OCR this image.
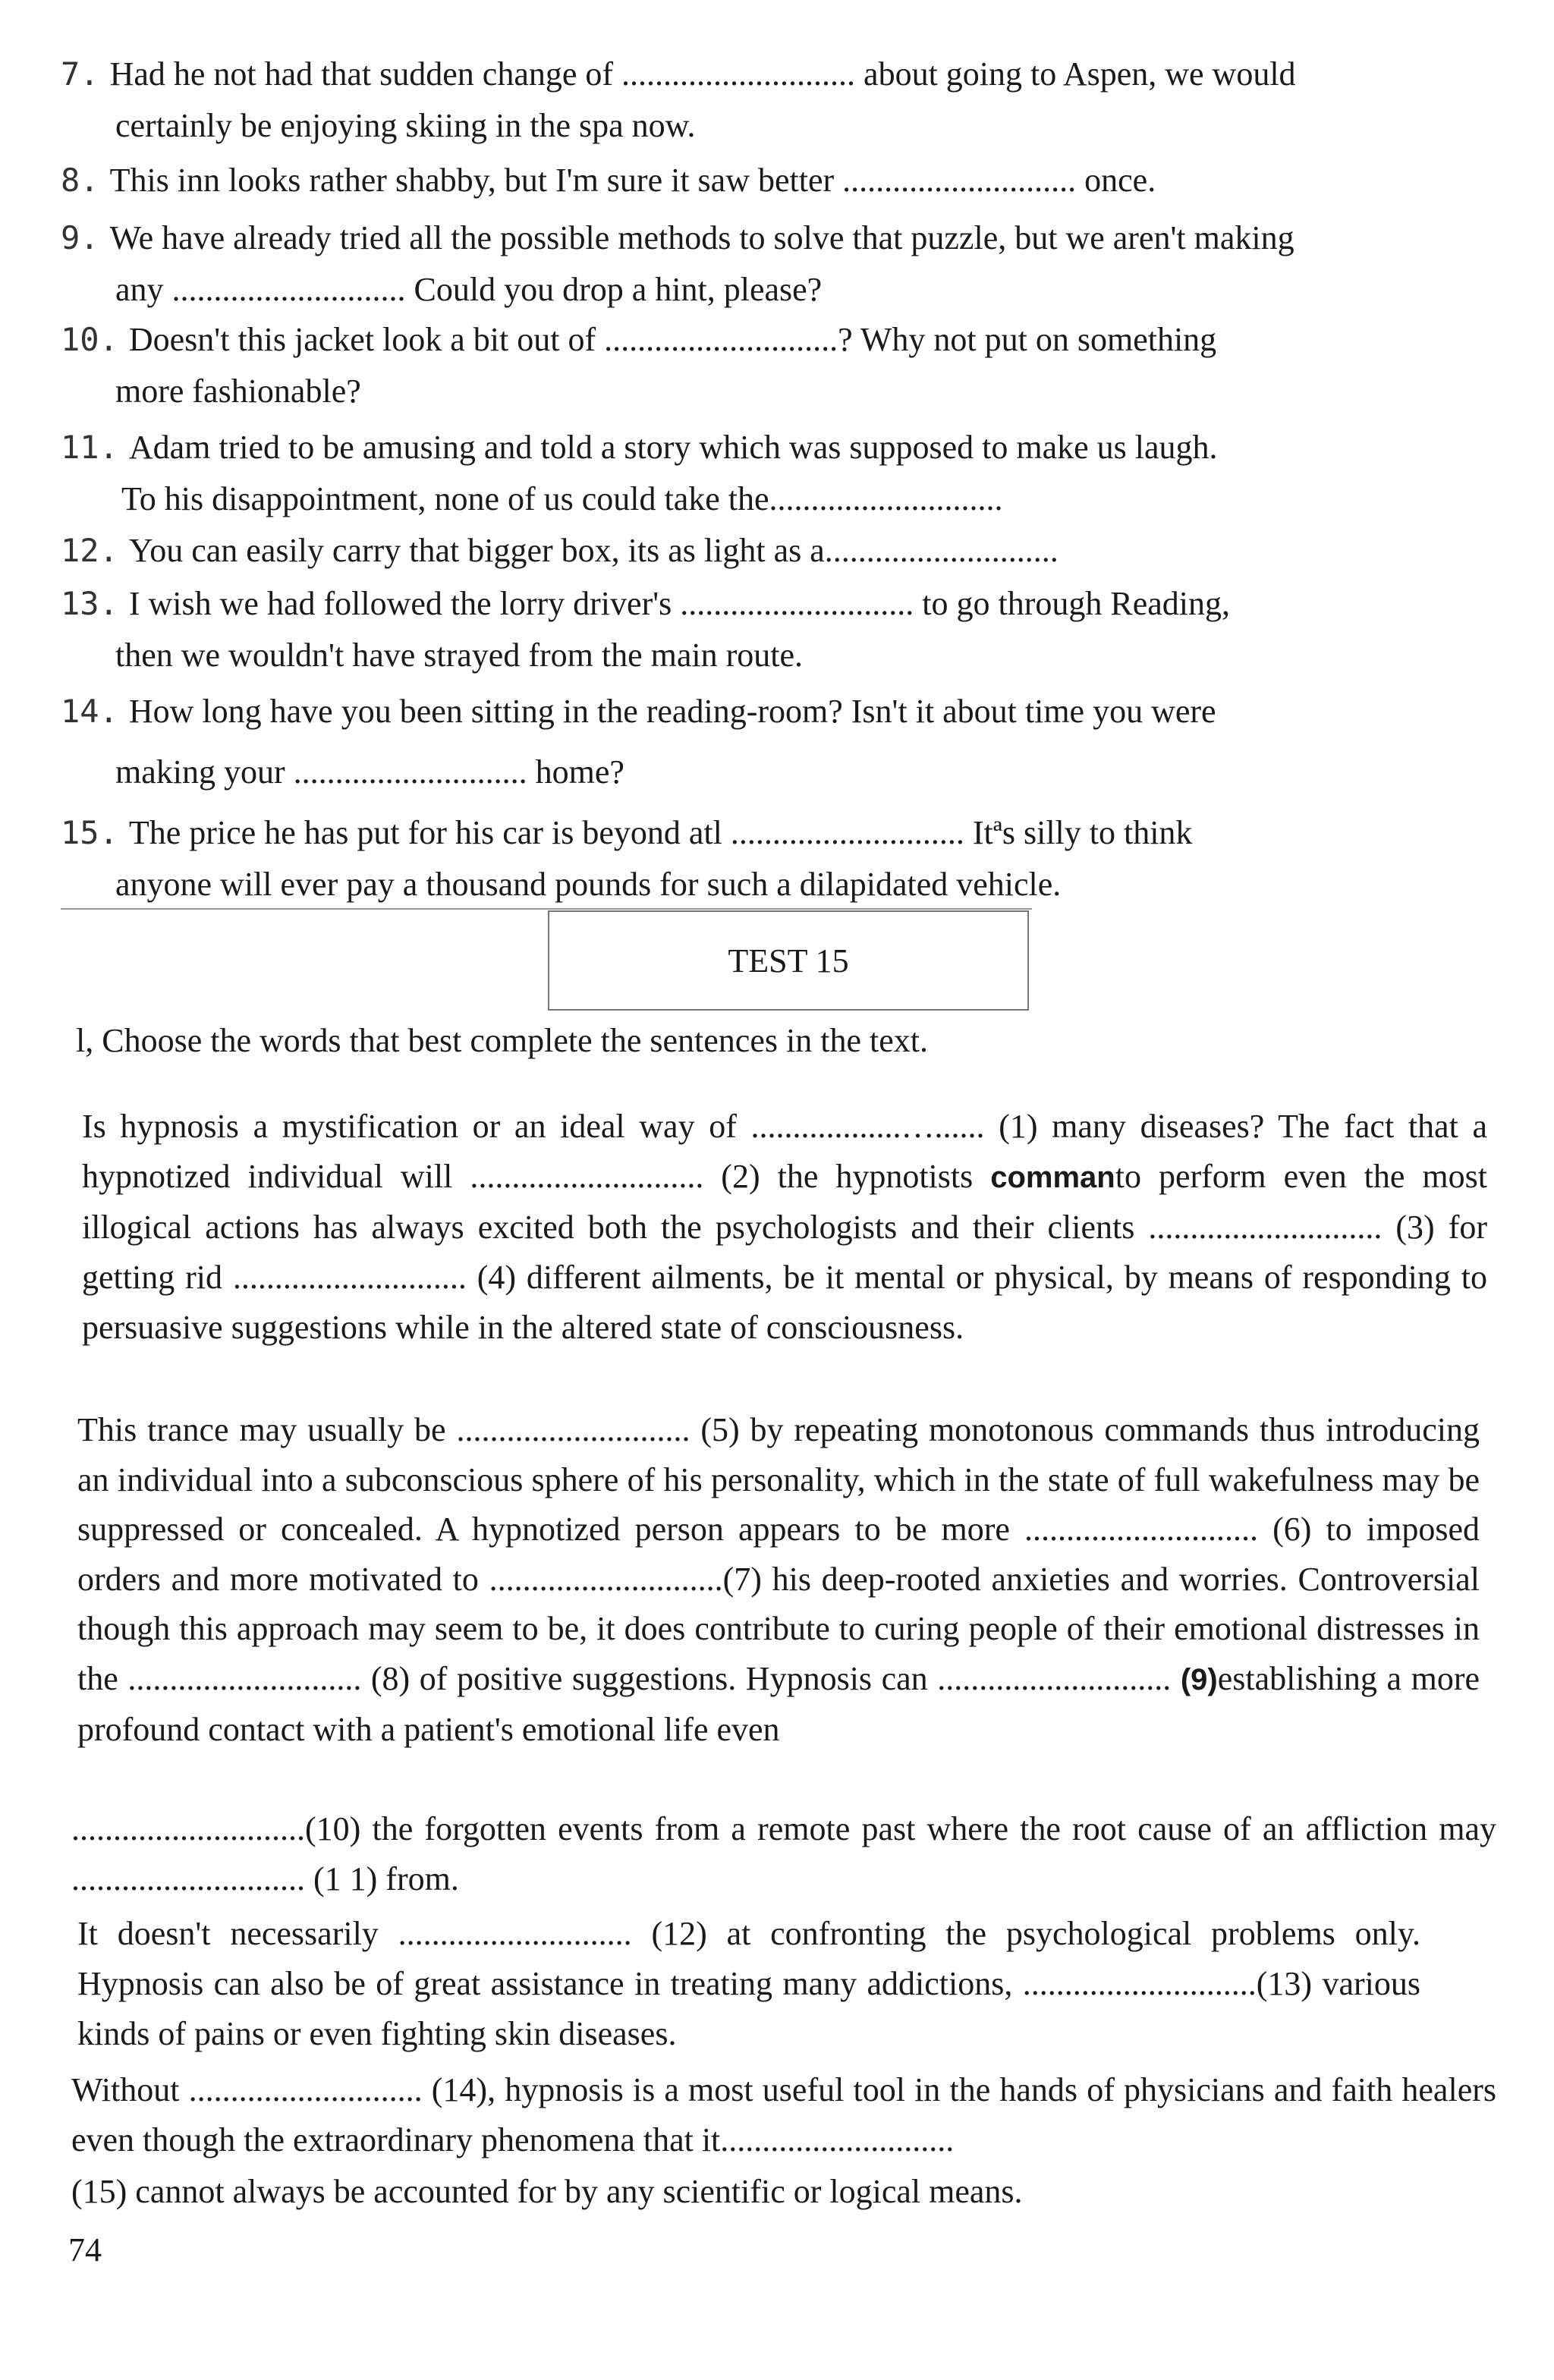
7. Had he not had that sudden change of ............................ about going to Aspen, we would
certainly be enjoying skiing in the spa now.
8. This inn looks rather shabby, but I'm sure it saw better ............................ once.
9. We have already tried all the possible methods to solve that puzzle, but we aren't making
any ............................ Could you drop a hint, please?
10. Doesn't this jacket look a bit out of ............................? Why not put on something
more fashionable?
11. Adam tried to be amusing and told a story which was supposed to make us laugh.
To his disappointment, none of us could take the............................
12. You can easily carry that bigger box, its as light as a............................
13. I wish we had followed the lorry driver's ............................ to go through Reading,
then we wouldn't have strayed from the main route.
14. How long have you been sitting in the reading-room? Isn't it about time you were
making your ............................ home?
15. The price he has put for his car is beyond atl ............................ Itªs silly to think
anyone will ever pay a thousand pounds for such a dilapidated vehicle.
TEST 15
l, Choose the words that best complete the sentences in the text.
Is hypnosis a mystification or an ideal way of ..................…...... (1) many diseases? The fact that a hypnotized individual will ............................ (2) the hypnotists commanto perform even the most illogical actions has always excited both the psychologists and their clients ............................ (3) for getting rid ............................ (4) different ailments, be it mental or physical, by means of responding to persuasive suggestions while in the altered state of consciousness.
This trance may usually be ............................ (5) by repeating monotonous commands thus introducing an individual into a subconscious sphere of his personality, which in the state of full wakefulness may be suppressed or concealed. A hypnotized person appears to be more ............................ (6) to imposed orders and more motivated to ............................(7) his deep-rooted anxieties and worries. Controversial though this approach may seem to be, it does contribute to curing people of their emotional distresses in the ............................ (8) of positive suggestions. Hypnosis can ............................ (9)establishing a more profound contact with a patient's emotional life even
............................(10) the forgotten events from a remote past where the root cause of an affliction may ............................ (1 1) from.
It doesn't necessarily ............................ (12) at confronting the psychological problems only. Hypnosis can also be of great assistance in treating many addictions, ............................(13) various kinds of pains or even fighting skin diseases.
Without ............................ (14), hypnosis is a most useful tool in the hands of physicians and faith healers even though the extraordinary phenomena that it............................
(15) cannot always be accounted for by any scientific or logical means.
74
